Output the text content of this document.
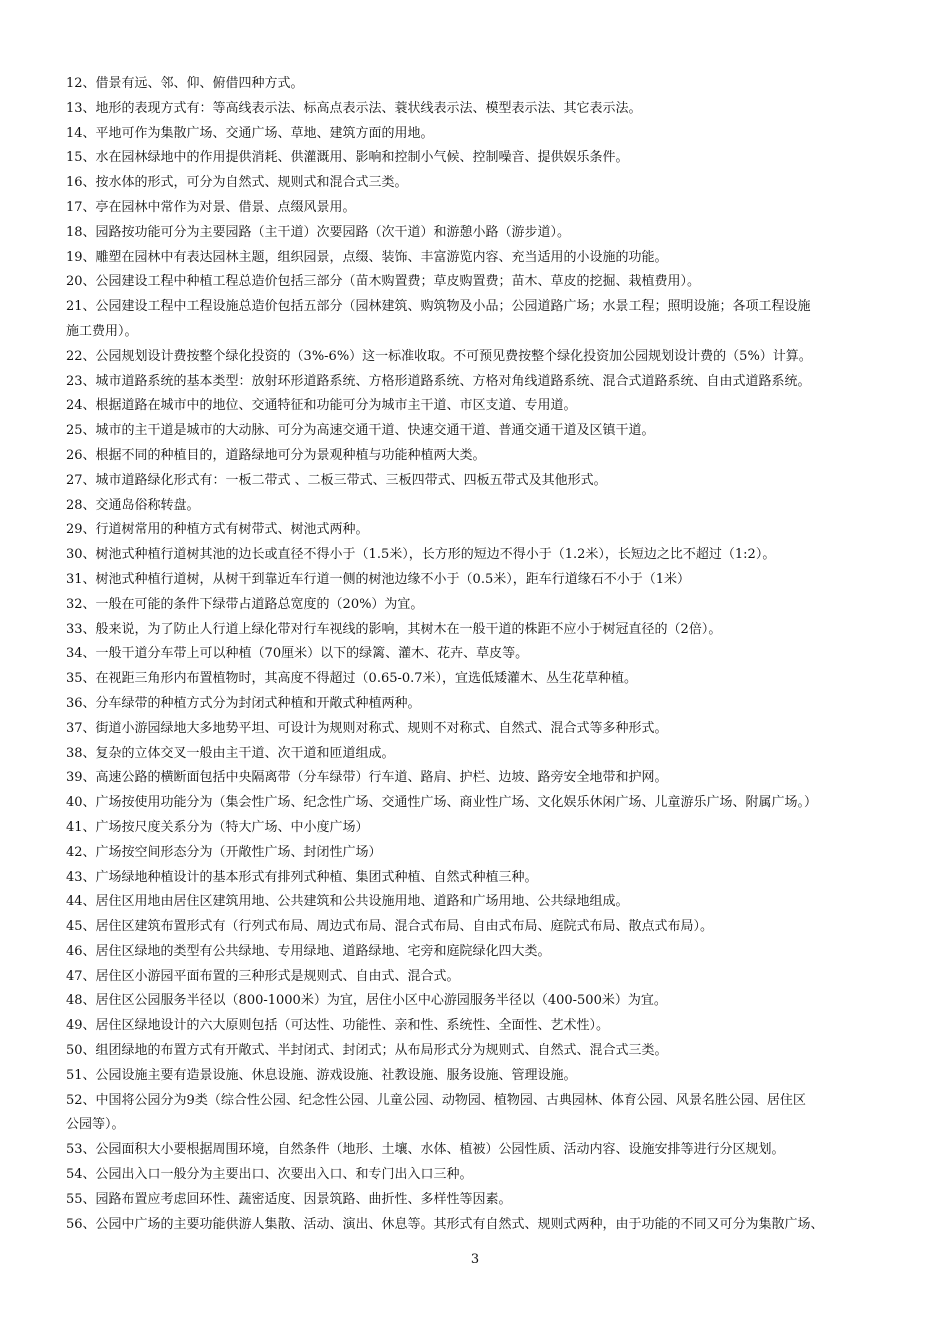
12、借景有远、邻、仰、俯借四种方式。
13、地形的表现方式有：等高线表示法、标高点表示法、蓑状线表示法、模型表示法、其它表示法。
14、平地可作为集散广场、交通广场、草地、建筑方面的用地。
15、水在园林绿地中的作用提供消耗、供灌溉用、影响和控制小气候、控制噪音、提供娱乐条件。
16、按水体的形式，可分为自然式、规则式和混合式三类。
17、亭在园林中常作为对景、借景、点缀风景用。
18、园路按功能可分为主要园路（主干道）次要园路（次干道）和游憩小路（游步道）。
19、雕塑在园林中有表达园林主题，组织园景，点缀、装饰、丰富游览内容、充当适用的小设施的功能。
20、公园建设工程中种植工程总造价包括三部分（苗木购置费；草皮购置费；苗木、草皮的挖掘、栽植费用）。
21、公园建设工程中工程设施总造价包括五部分（园林建筑、购筑物及小品；公园道路广场；水景工程；照明设施；各项工程设施
施工费用）。
22、公园规划设计费按整个绿化投资的（3%-6%）这一标准收取。不可预见费按整个绿化投资加公园规划设计费的（5%）计算。
23、城市道路系统的基本类型：放射环形道路系统、方格形道路系统、方格对角线道路系统、混合式道路系统、自由式道路系统。
24、根据道路在城市中的地位、交通特征和功能可分为城市主干道、市区支道、专用道。
25、城市的主干道是城市的大动脉、可分为高速交通干道、快速交通干道、普通交通干道及区镇干道。
26、根据不同的种植目的，道路绿地可分为景观种植与功能种植两大类。
27、城市道路绿化形式有：一板二带式 、二板三带式、三板四带式、四板五带式及其他形式。
28、交通岛俗称转盘。
29、行道树常用的种植方式有树带式、树池式两种。
30、树池式种植行道树其池的边长或直径不得小于（1.5米），长方形的短边不得小于（1.2米），长短边之比不超过（1:2）。
31、树池式种植行道树，从树干到靠近车行道一侧的树池边缘不小于（0.5米），距车行道缘石不小于（1米）
32、一般在可能的条件下绿带占道路总宽度的（20%）为宜。
33、般来说，为了防止人行道上绿化带对行车视线的影响，其树木在一般干道的株距不应小于树冠直径的（2倍）。
34、一般干道分车带上可以种植（70厘米）以下的绿篱、灌木、花卉、草皮等。
35、在视距三角形内布置植物时，其高度不得超过（0.65-0.7米），宜选低矮灌木、丛生花草种植。
36、分车绿带的种植方式分为封闭式种植和开敞式种植两种。
37、街道小游园绿地大多地势平坦、可设计为规则对称式、规则不对称式、自然式、混合式等多种形式。
38、复杂的立体交叉一般由主干道、次干道和匝道组成。
39、高速公路的横断面包括中央隔离带（分车绿带）行车道、路肩、护栏、边坡、路旁安全地带和护网。
40、广场按使用功能分为（集会性广场、纪念性广场、交通性广场、商业性广场、文化娱乐休闲广场、儿童游乐广场、附属广场。）
41、广场按尺度关系分为（特大广场、中小度广场）
42、广场按空间形态分为（开敞性广场、封闭性广场）
43、广场绿地种植设计的基本形式有排列式种植、集团式种植、自然式种植三种。
44、居住区用地由居住区建筑用地、公共建筑和公共设施用地、道路和广场用地、公共绿地组成。
45、居住区建筑布置形式有（行列式布局、周边式布局、混合式布局、自由式布局、庭院式布局、散点式布局）。
46、居住区绿地的类型有公共绿地、专用绿地、道路绿地、宅旁和庭院绿化四大类。
47、居住区小游园平面布置的三种形式是规则式、自由式、混合式。
48、居住区公园服务半径以（800-1000米）为宜，居住小区中心游园服务半径以（400-500米）为宜。
49、居住区绿地设计的六大原则包括（可达性、功能性、亲和性、系统性、全面性、艺术性）。
50、组团绿地的布置方式有开敞式、半封闭式、封闭式；从布局形式分为规则式、自然式、混合式三类。
51、公园设施主要有造景设施、休息设施、游戏设施、社教设施、服务设施、管理设施。
52、中国将公园分为9类（综合性公园、纪念性公园、儿童公园、动物园、植物园、古典园林、体育公园、风景名胜公园、居住区
公园等）。
53、公园面积大小要根据周围环境，自然条件（地形、土壤、水体、植被）公园性质、活动内容、设施安排等进行分区规划。
54、公园出入口一般分为主要出口、次要出入口、和专门出入口三种。
55、园路布置应考虑回环性、蔬密适度、因景筑路、曲折性、多样性等因素。
56、公园中广场的主要功能供游人集散、活动、演出、休息等。其形式有自然式、规则式两种，由于功能的不同又可分为集散广场、
3
